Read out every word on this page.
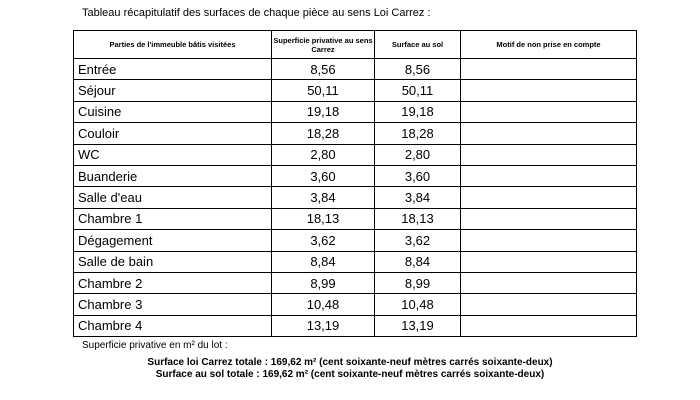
Tableau récapitulatif des surfaces de chaque pièce au sens Loi Carrez :
Parties de l'immeuble bâtis visitées	Superficie privative au sens Carrez	Surface au sol	Motif de non prise en compte
Entrée	8,56	8,56	
Séjour	50,11	50,11	
Cuisine	19,18	19,18	
Couloir	18,28	18,28	
WC	2,80	2,80	
Buanderie	3,60	3,60	
Salle d'eau	3,84	3,84	
Chambre 1	18,13	18,13	
Dégagement	3,62	3,62	
Salle de bain	8,84	8,84	
Chambre 2	8,99	8,99	
Chambre 3	10,48	10,48	
Chambre 4	13,19	13,19	
Superficie privative en m² du lot :
Surface loi Carrez totale : 169,62 m² (cent soixante-neuf mètres carrés soixante-deux)
Surface au sol totale : 169,62 m² (cent soixante-neuf mètres carrés soixante-deux)
